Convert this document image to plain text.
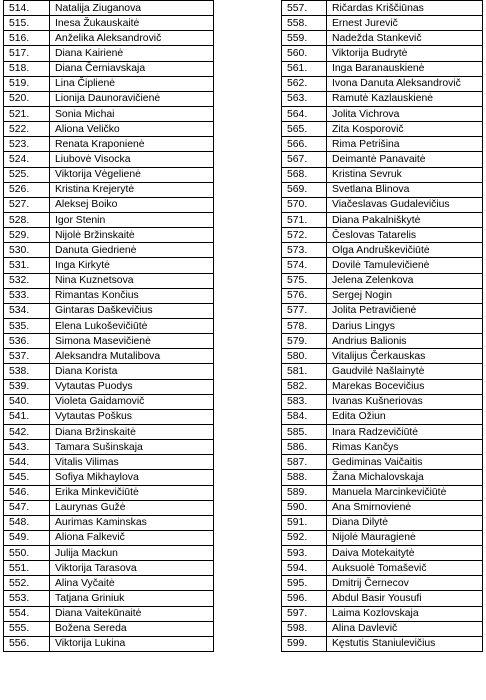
514.	Natalija Ziuganova
515.	Inesa Žukauskaitė
516.	Anželika Aleksandrovič
517.	Diana Kairienė
518.	Diana Černiavskaja
519.	Lina Čiplienė
520.	Lionija Daunoravičienė
521.	Sonia Michai
522.	Aliona Veličko
523.	Renata Kraponienė
524.	Liubovė Visocka
525.	Viktorija Vėgelienė
526.	Kristina Krejerytė
527.	Aleksej Boiko
528.	Igor Stenin
529.	Nijolė Bržinskaitė
530.	Danuta Giedrienė
531.	Inga Kirkytė
532.	Nina Kuznetsova
533.	Rimantas Končius
534.	Gintaras Daškevičius
535.	Elena Lukoševičiūtė
536.	Simona Masevičienė
537.	Aleksandra Mutalibova
538.	Diana Korista
539.	Vytautas Puodys
540.	Violeta Gaidamovič
541.	Vytautas Poškus
542.	Diana Bržinskaitė
543.	Tamara Sušinskaja
544.	Vitalis Vilimas
545.	Sofiya Mikhaylova
546.	Erika Minkevičiūtė
547.	Laurynas Gužė
548.	Aurimas Kaminskas
549.	Aliona Falkevič
550.	Julija Mackun
551.	Viktorija Tarasova
552.	Alina Vyčaitė
553.	Tatjana Griniuk
554.	Diana Vaitekūnaitė
555.	Božena Sereda
556.	Viktorija Lukina
557.	Ričardas Kriščiūnas
558.	Ernest Jurevič
559.	Nadežda Stankevič
560.	Viktorija Budrytė
561.	Inga Baranauskienė
562.	Ivona Danuta Aleksandrovič
563.	Ramutė Kazlauskienė
564.	Jolita Vichrova
565.	Zita Kosporovič
566.	Rima Petrišina
567.	Deimantė Panavaitė
568.	Kristina Sevruk
569.	Svetlana Blinova
570.	Viačeslavas Gudalevičius
571.	Diana Pakalniškytė
572.	Česlovas Tatarelis
573.	Olga Andruškevičiūtė
574.	Dovilė Tamulevičienė
575.	Jelena Zelenkova
576.	Sergej Nogin
577.	Jolita Petravičienė
578.	Darius Lingys
579.	Andrius Balionis
580.	Vitalijus Čerkauskas
581.	Gaudvilė Našlainytė
582.	Marekas Bocevičius
583.	Ivanas Kušneriovas
584.	Edita Ožiun
585.	Inara Radzevičiūtė
586.	Rimas Kančys
587.	Gediminas Vaičaitis
588.	Žana Michalovskaja
589.	Manuela Marcinkevičiūtė
590.	Ana Smirnovienė
591.	Diana Dilytė
592.	Nijolė Mauragienė
593.	Daiva Motekaitytė
594.	Auksuolė Tomaševič
595.	Dmitrij Černecov
596.	Abdul Basir Yousufi
597.	Laima Kozlovskaja
598.	Alina Davlevič
599.	Kęstutis Staniulevičius
